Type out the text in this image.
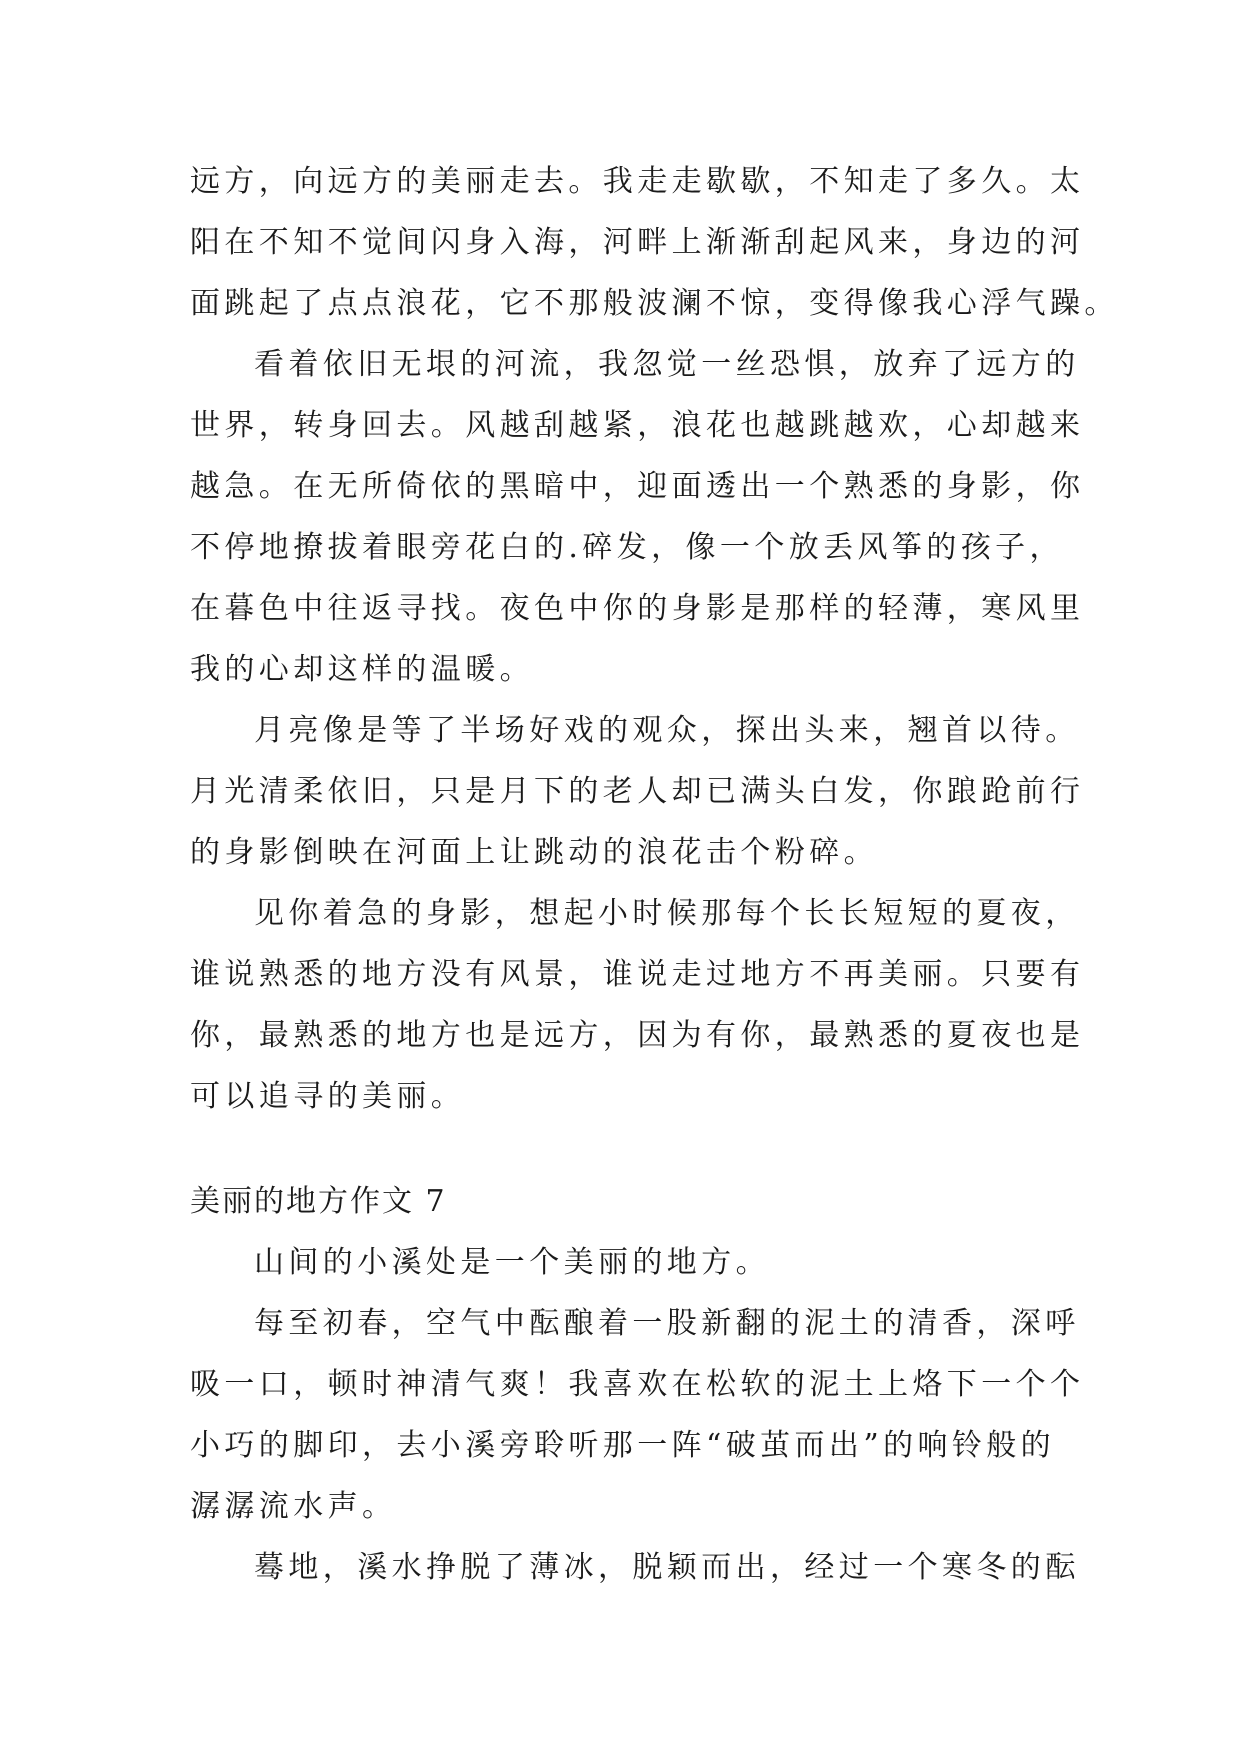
远方，向远方的美丽走去。我走走歇歇，不知走了多久。太
阳在不知不觉间闪身入海，河畔上渐渐刮起风来，身边的河
面跳起了点点浪花，它不那般波澜不惊，变得像我心浮气躁。
看着依旧无垠的河流，我忽觉一丝恐惧，放弃了远方的
世界，转身回去。风越刮越紧，浪花也越跳越欢，心却越来
越急。在无所倚依的黑暗中，迎面透出一个熟悉的身影，你
不停地撩拔着眼旁花白的.碎发，像一个放丢风筝的孩子，
在暮色中往返寻找。夜色中你的身影是那样的轻薄，寒风里
我的心却这样的温暖。
月亮像是等了半场好戏的观众，探出头来，翘首以待。
月光清柔依旧，只是月下的老人却已满头白发，你踉跄前行
的身影倒映在河面上让跳动的浪花击个粉碎。
见你着急的身影，想起小时候那每个长长短短的夏夜，
谁说熟悉的地方没有风景，谁说走过地方不再美丽。只要有
你，最熟悉的地方也是远方，因为有你，最熟悉的夏夜也是
可以追寻的美丽。
美丽的地方作文 7
山间的小溪处是一个美丽的地方。
每至初春，空气中酝酿着一股新翻的泥土的清香，深呼
吸一口，顿时神清气爽！我喜欢在松软的泥土上烙下一个个
小巧的脚印，去小溪旁聆听那一阵“破茧而出”的响铃般的
潺潺流水声。
蓦地，溪水挣脱了薄冰，脱颖而出，经过一个寒冬的酝
